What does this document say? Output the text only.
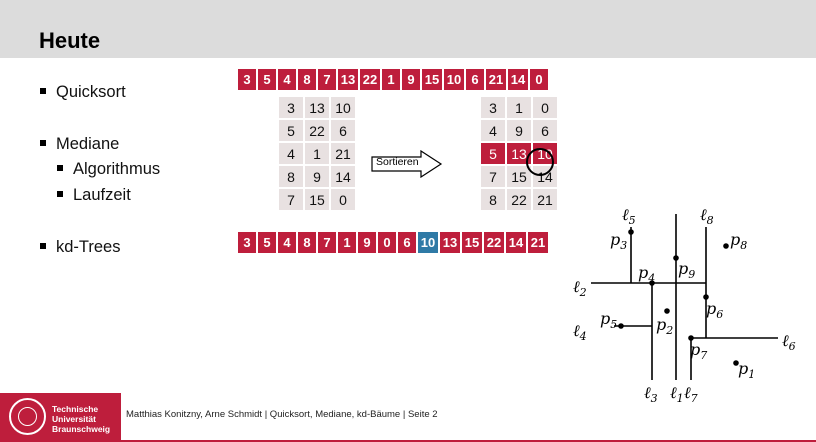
Heute
Quicksort
Mediane
Algorithmus
Laufzeit
kd-Trees
3 5 4 8 7 13 22 1 9 15 10 6 21 14 0
3	13 10
5	22	6
4	1	21
8	9	14
7	15	0
Sortieren
3	1	0
4	9	6
5	13 10
7	15 14
8	22 21
3 5 4 8 7 1 9 0 6 10 13 15 22 14 21
ℓ$_5$	ℓ$_8$
ℓ$_2$
ℓ$_4$	ℓ$_6$
ℓ$_3$ ℓ$_1$ ℓ$_7$
$p_3$	$p_8$
$p_4$
$p_9$
$p_6$
$p_5$ $p_2$
$p_7$
$p_1$
Technische
Universität
Braunschweig
Matthias Konitzny, Arne Schmidt | Quicksort, Mediane, kd-Bäume | Seite 2
